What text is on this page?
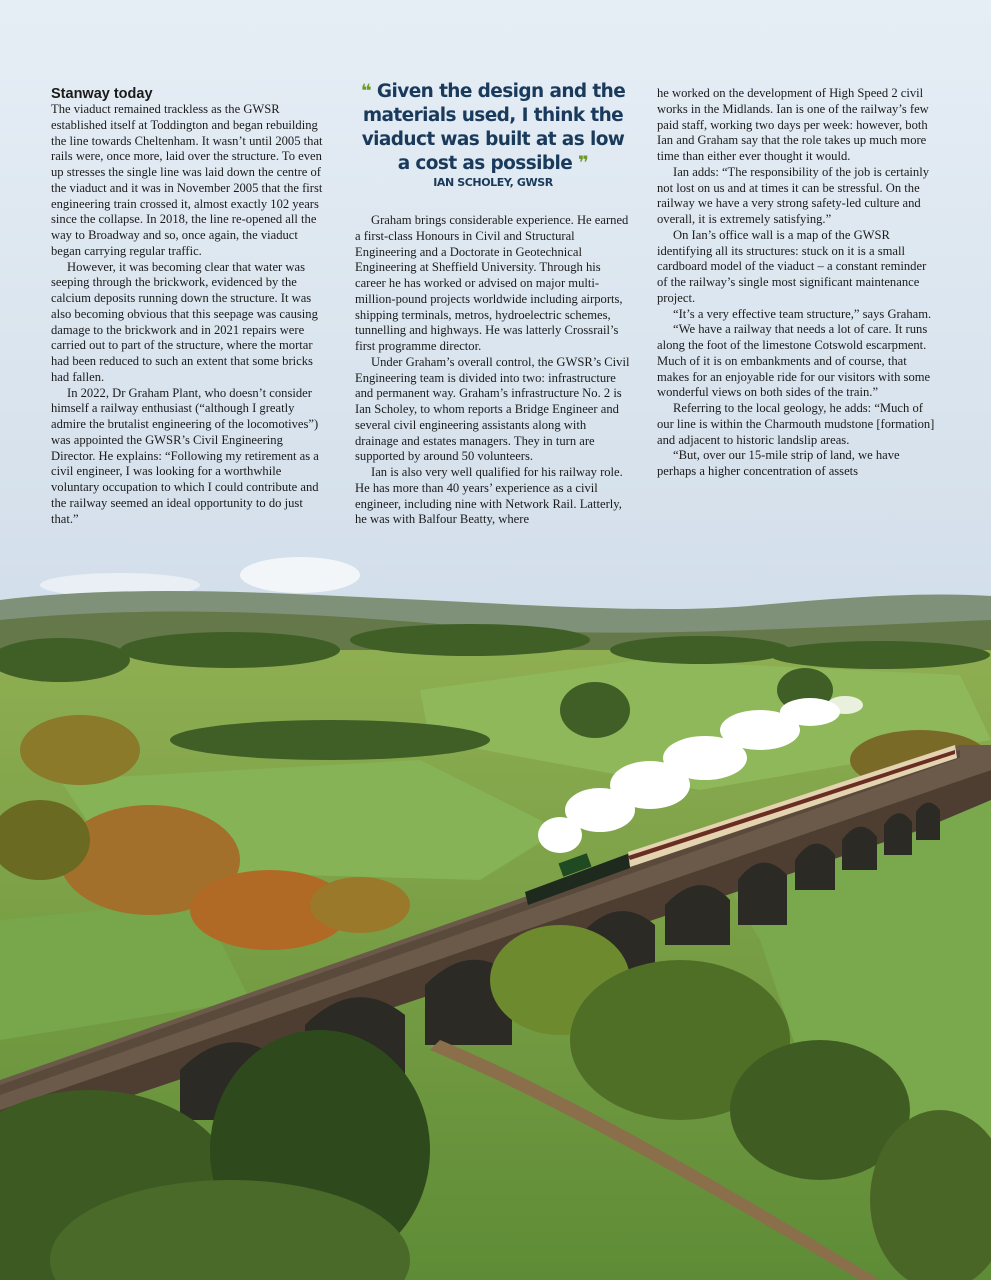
Stanway today

The viaduct remained trackless as the GWSR established itself at Toddington and began rebuilding the line towards Cheltenham. It wasn’t until 2005 that rails were, once more, laid over the structure. To even up stresses the single line was laid down the centre of the viaduct and it was in November 2005 that the first engineering train crossed it, almost exactly 102 years since the collapse. In 2018, the line re-opened all the way to Broadway and so, once again, the viaduct began carrying regular traffic.

However, it was becoming clear that water was seeping through the brickwork, evidenced by the calcium deposits running down the structure. It was also becoming obvious that this seepage was causing damage to the brickwork and in 2021 repairs were carried out to part of the structure, where the mortar had been reduced to such an extent that some bricks had fallen.

In 2022, Dr Graham Plant, who doesn’t consider himself a railway enthusiast (“although I greatly admire the brutalist engineering of the locomotives”) was appointed the GWSR’s Civil Engineering Director. He explains: “Following my retirement as a civil engineer, I was looking for a worthwhile voluntary occupation to which I could contribute and the railway seemed an ideal opportunity to do just that.”

❝ Given the design and the materials used, I think the viaduct was built at as low a cost as possible ❞
IAN SCHOLEY, GWSR

Graham brings considerable experience. He earned a first-class Honours in Civil and Structural Engineering and a Doctorate in Geotechnical Engineering at Sheffield University. Through his career he has worked or advised on major multi-million-pound projects worldwide including airports, shipping terminals, metros, hydroelectric schemes, tunnelling and highways. He was latterly Crossrail’s first programme director.

Under Graham’s overall control, the GWSR’s Civil Engineering team is divided into two: infrastructure and permanent way. Graham’s infrastructure No. 2 is Ian Scholey, to whom reports a Bridge Engineer and several civil engineering assistants along with drainage and estates managers. They in turn are supported by around 50 volunteers.

Ian is also very well qualified for his railway role. He has more than 40 years’ experience as a civil engineer, including nine with Network Rail. Latterly, he was with Balfour Beatty, where

he worked on the development of High Speed 2 civil works in the Midlands. Ian is one of the railway’s few paid staff, working two days per week: however, both Ian and Graham say that the role takes up much more time than either ever thought it would.

Ian adds: “The responsibility of the job is certainly not lost on us and at times it can be stressful. On the railway we have a very strong safety-led culture and overall, it is extremely satisfying.”

On Ian’s office wall is a map of the GWSR identifying all its structures: stuck on it is a small cardboard model of the viaduct – a constant reminder of the railway’s single most significant maintenance project.

“It’s a very effective team structure,” says Graham.

“We have a railway that needs a lot of care. It runs along the foot of the limestone Cotswold escarpment. Much of it is on embankments and of course, that makes for an enjoyable ride for our visitors with some wonderful views on both sides of the train.”

Referring to the local geology, he adds: “Much of our line is within the Charmouth mudstone [formation] and adjacent to historic landslip areas.

“But, over our 15-mile strip of land, we have perhaps a higher concentration of assets
